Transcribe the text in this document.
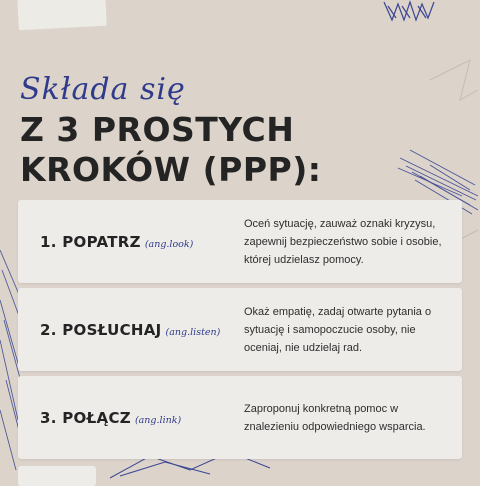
Składa się
Z 3 PROSTYCH
KROKÓW (PPP):
1. POPATRZ (ang.look)
Oceń sytuację, zauważ oznaki kryzysu, zapewnij bezpieczeństwo sobie i osobie, której udzielasz pomocy.
2. POSŁUCHAJ (ang.listen)
Okaż empatię, zadaj otwarte pytania o sytuację i samopoczucie osoby, nie oceniaj, nie udzielaj rad.
3. POŁĄCZ (ang.link)
Zaproponuj konkretną pomoc w znalezieniu odpowiedniego wsparcia.
